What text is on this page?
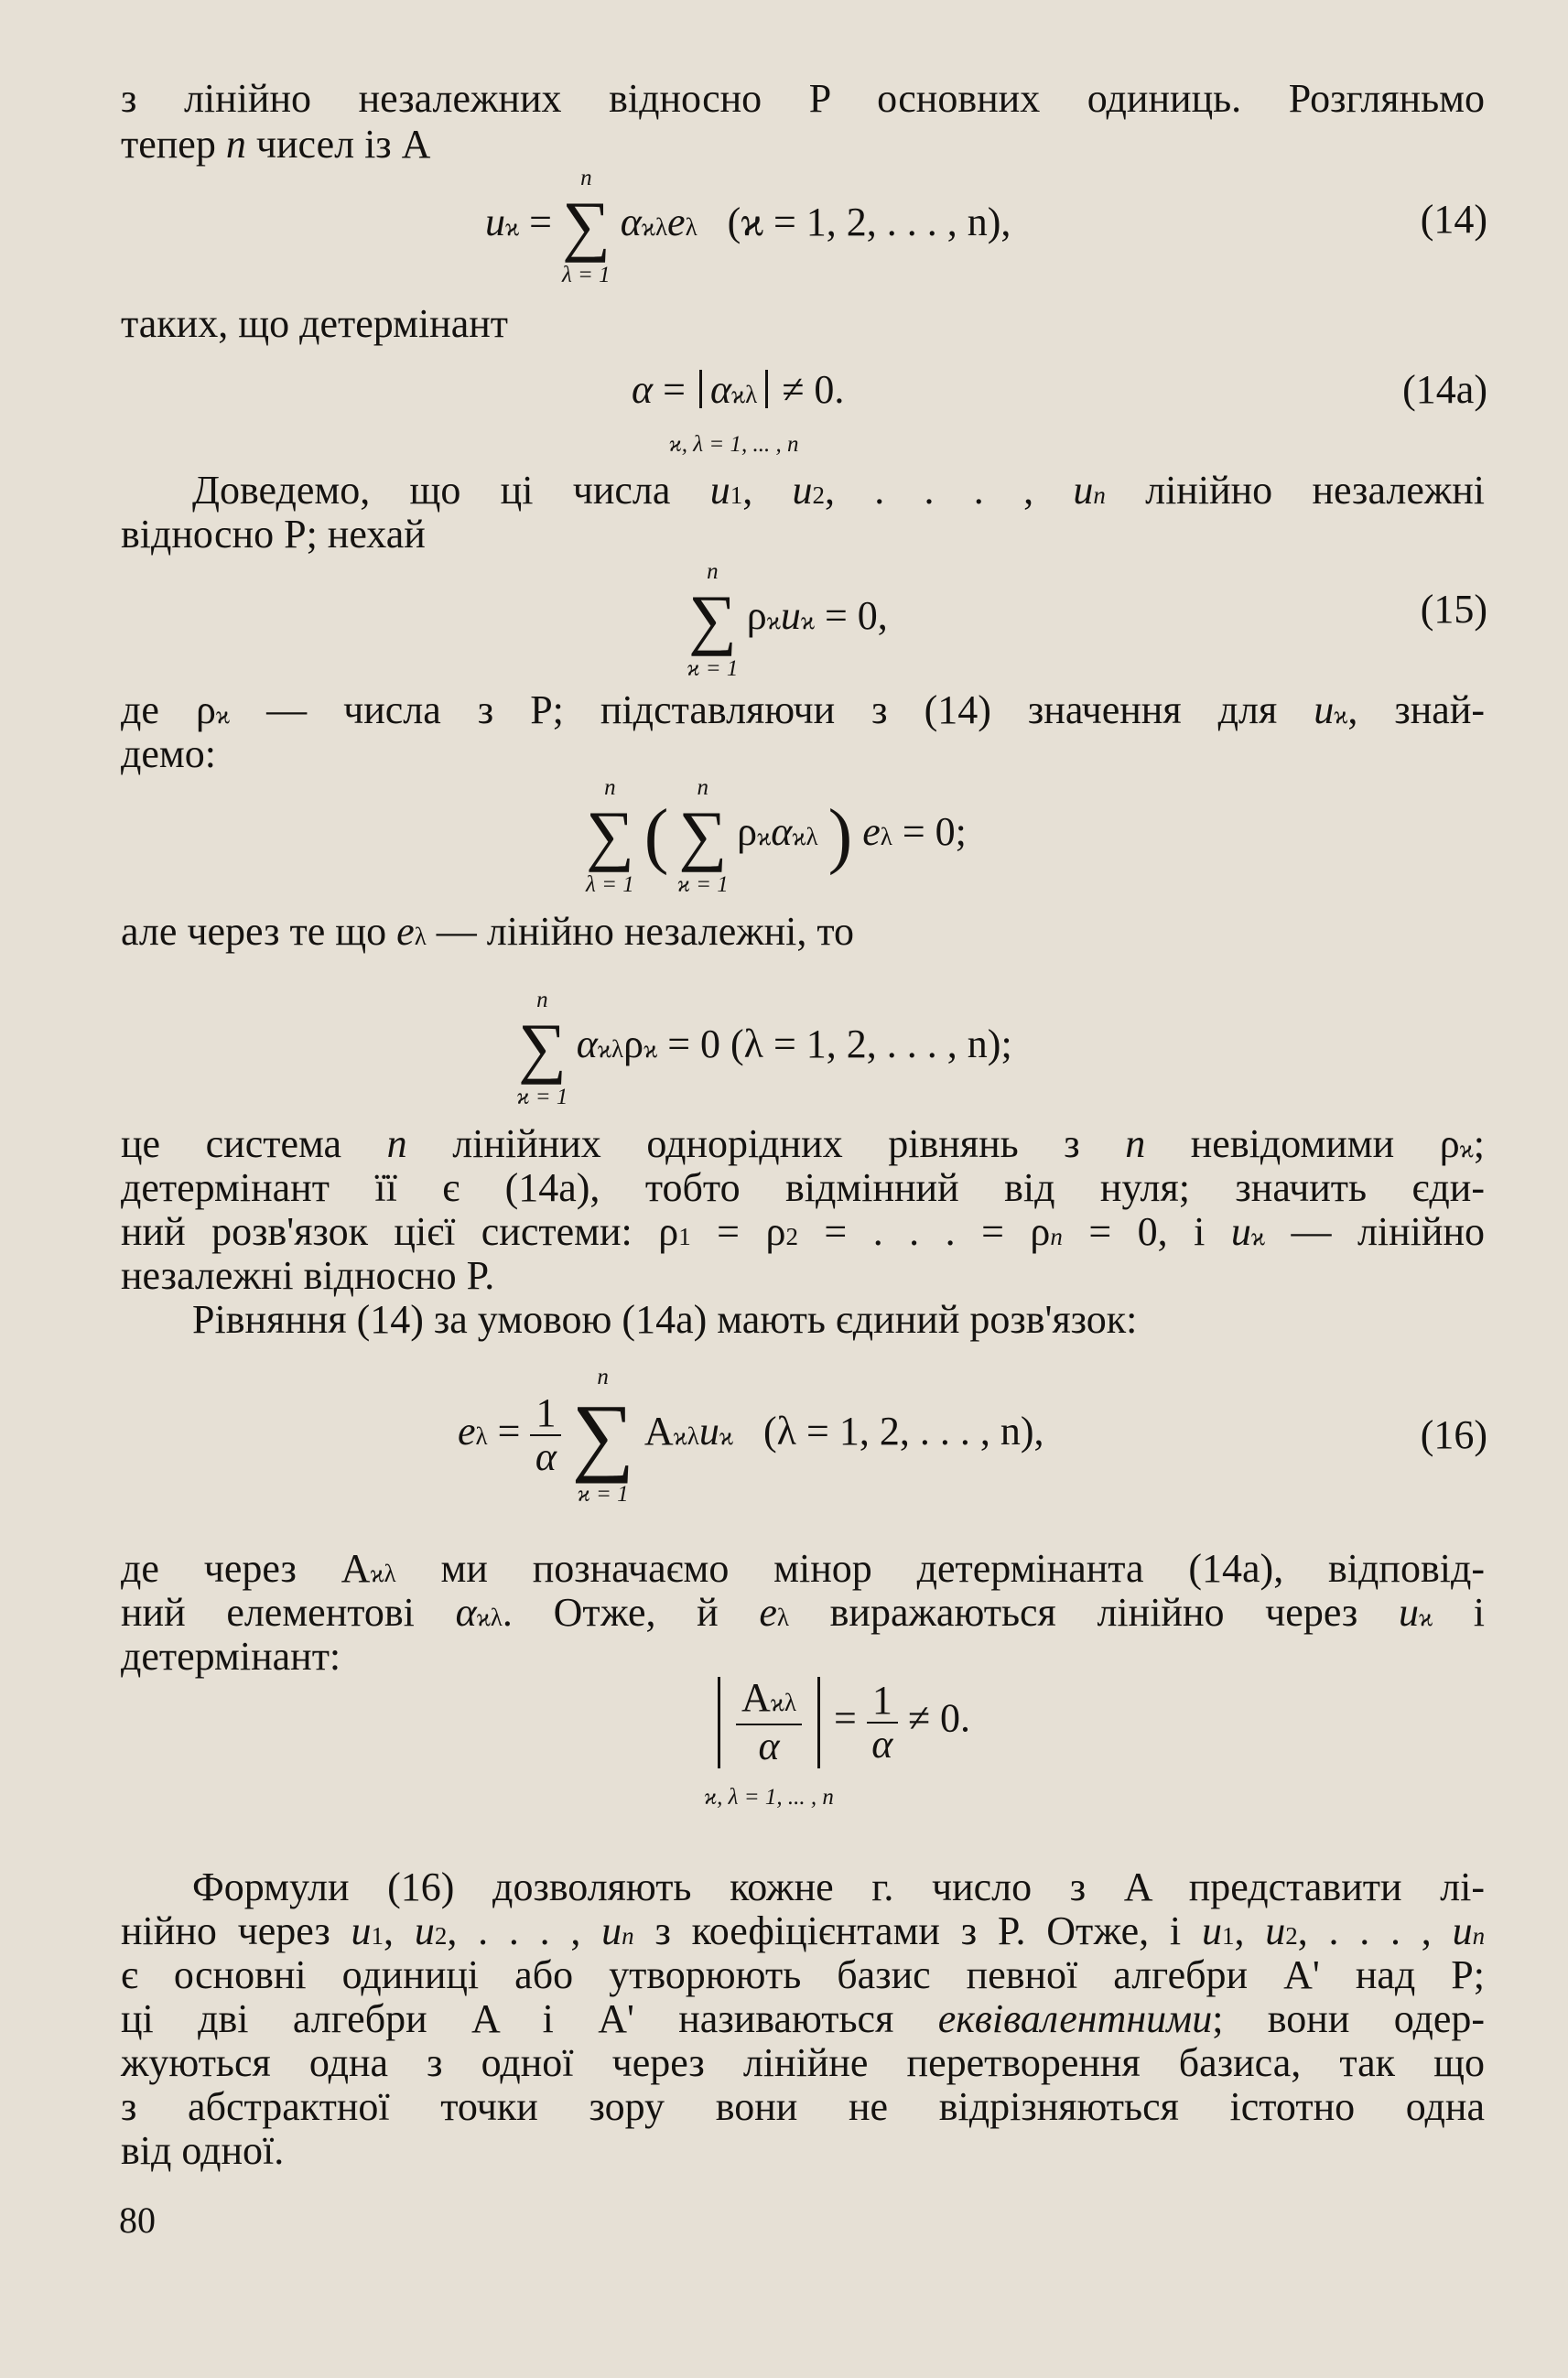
з лінійно незалежних відносно P основних одиниць. Розгляньмо

тепер n чисел із A

uϰ = ∑
n
λ = 1
αϰλeλ (ϰ = 1, 2, . . . , n),	(14)

таких, що детермінант

α =
αϰλ
ϰ, λ = 1, ... , n
≠ 0.	(14a)

Доведемо, що ці числа u1, u2, . . . , un лінійно незалежні

відносно P; нехай

∑
n
ϰ = 1
ρϰuϰ = 0,	(15)

де ρϰ — числа з P; підставляючи з (14) значення для uϰ, знай-

демо:

∑
n
λ = 1
( ∑
n
ϰ = 1
ρϰαϰλ ) eλ = 0;

але через те що eλ — лінійно незалежні, то

∑
n
ϰ = 1
αϰλρϰ = 0 (λ = 1, 2, . . . , n);

це система n лінійних однорідних рівнянь з n невідомими ρϰ;

детермінант її є (14a), тобто відмінний від нуля; значить єди-

ний розв'язок цієї системи: ρ1 = ρ2 = . . . = ρn = 0, і uϰ — лінійно

незалежні відносно P.

Рівняння (14) за умовою (14a) мають єдиний розв'язок:

$e\lambda = \frac{1}{\alpha}$ ∑
n
ϰ = 1
Aϰλuϰ (λ = 1, 2, . . . , n),	(16)

де через Aϰλ ми позначаємо мінор детермінанта (14a), відповід-

ний елементові αϰλ. Отже, й eλ виражаються лінійно через uϰ і

детермінант:

$\frac{\text{Aϰλ}}{\alpha}$
ϰ, λ = 1, ... , n
= $\frac{1}{\alpha} \ne 0$.

Формули (16) дозволяють кожне г. число з A представити лі-

нійно через u1, u2, . . . , un з коефіцієнтами з P. Отже, і u1, u2, . . . , un

є основні одиниці або утворюють базис певної алгебри A' над P;

ці дві алгебри A і A' називаються еквівалентними; вони одер-

жуються одна з одної через лінійне перетворення базиса, так що

з абстрактної точки зору вони не відрізняються істотно одна

від одної.

80
